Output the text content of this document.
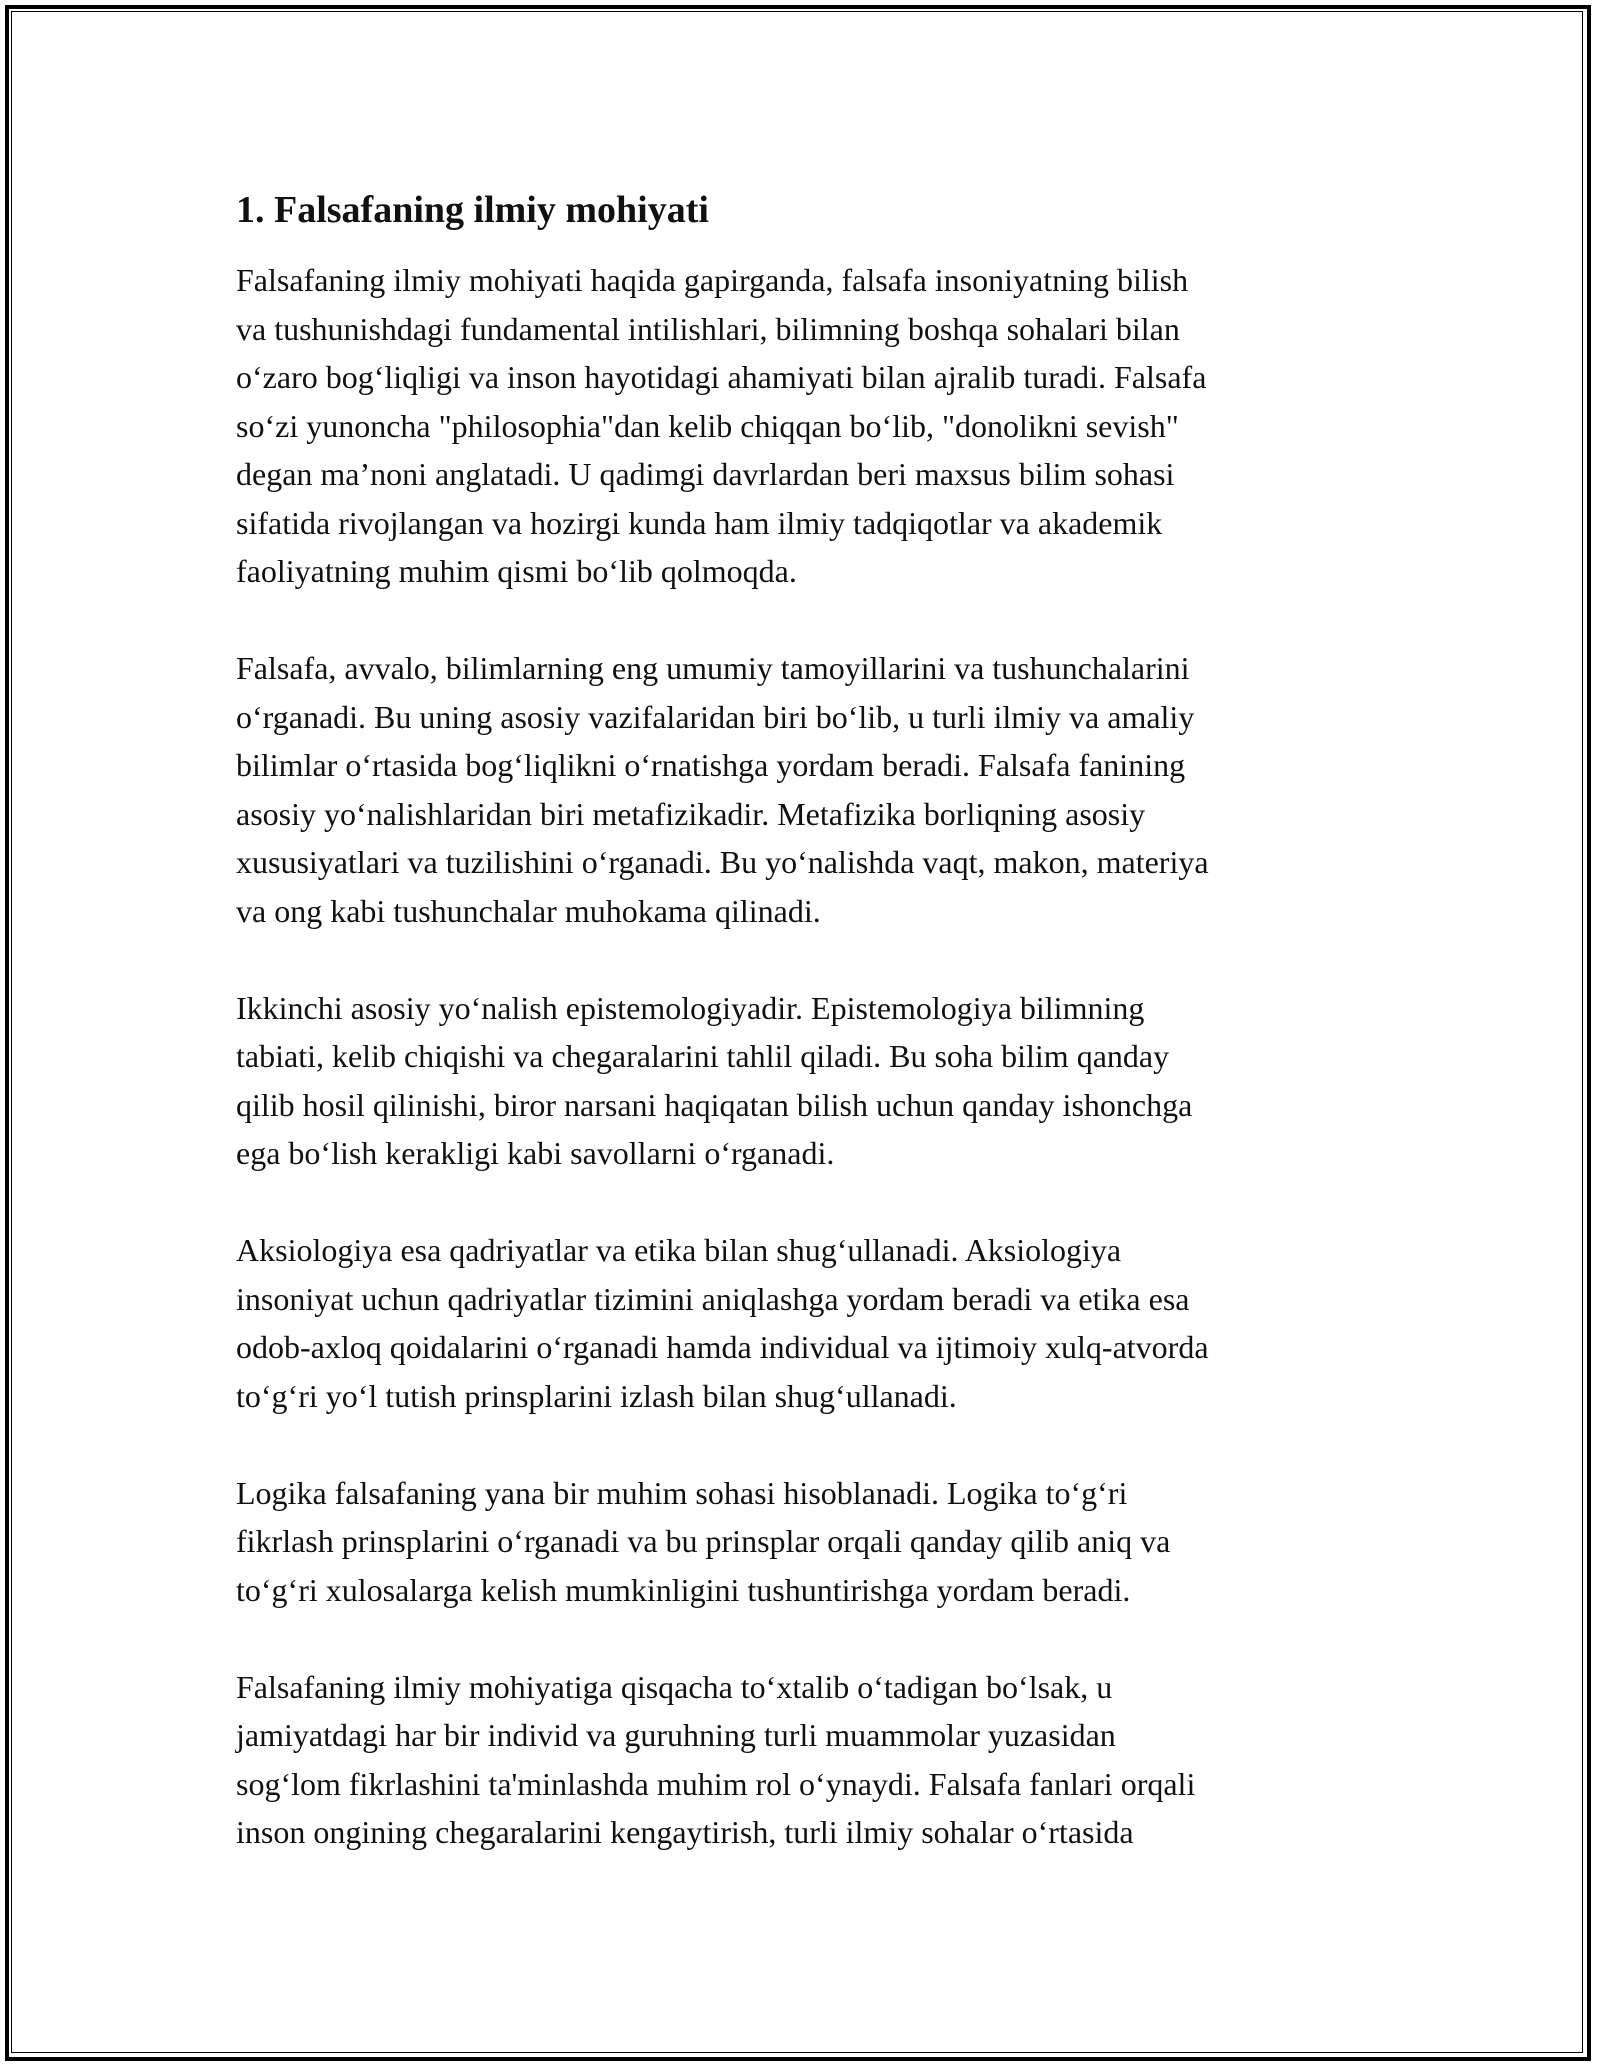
1. Falsafaning ilmiy mohiyati

Falsafaning ilmiy mohiyati haqida gapirganda, falsafa insoniyatning bilish
va tushunishdagi fundamental intilishlari, bilimning boshqa sohalari bilan
o‘zaro bog‘liqligi va inson hayotidagi ahamiyati bilan ajralib turadi. Falsafa
so‘zi yunoncha "philosophia"dan kelib chiqqan bo‘lib, "donolikni sevish"
degan ma’noni anglatadi. U qadimgi davrlardan beri maxsus bilim sohasi
sifatida rivojlangan va hozirgi kunda ham ilmiy tadqiqotlar va akademik
faoliyatning muhim qismi bo‘lib qolmoqda.

Falsafa, avvalo, bilimlarning eng umumiy tamoyillarini va tushunchalarini
o‘rganadi. Bu uning asosiy vazifalaridan biri bo‘lib, u turli ilmiy va amaliy
bilimlar o‘rtasida bog‘liqlikni o‘rnatishga yordam beradi. Falsafa fanining
asosiy yo‘nalishlaridan biri metafizikadir. Metafizika borliqning asosiy
xususiyatlari va tuzilishini o‘rganadi. Bu yo‘nalishda vaqt, makon, materiya
va ong kabi tushunchalar muhokama qilinadi.

Ikkinchi asosiy yo‘nalish epistemologiyadir. Epistemologiya bilimning
tabiati, kelib chiqishi va chegaralarini tahlil qiladi. Bu soha bilim qanday
qilib hosil qilinishi, biror narsani haqiqatan bilish uchun qanday ishonchga
ega bo‘lish kerakligi kabi savollarni o‘rganadi.

Aksiologiya esa qadriyatlar va etika bilan shug‘ullanadi. Aksiologiya
insoniyat uchun qadriyatlar tizimini aniqlashga yordam beradi va etika esa
odob-axloq qoidalarini o‘rganadi hamda individual va ijtimoiy xulq-atvorda
to‘g‘ri yo‘l tutish prinsplarini izlash bilan shug‘ullanadi.

Logika falsafaning yana bir muhim sohasi hisoblanadi. Logika to‘g‘ri
fikrlash prinsplarini o‘rganadi va bu prinsplar orqali qanday qilib aniq va
to‘g‘ri xulosalarga kelish mumkinligini tushuntirishga yordam beradi.

Falsafaning ilmiy mohiyatiga qisqacha to‘xtalib o‘tadigan bo‘lsak, u
jamiyatdagi har bir individ va guruhning turli muammolar yuzasidan
sog‘lom fikrlashini ta'minlashda muhim rol o‘ynaydi. Falsafa fanlari orqali
inson ongining chegaralarini kengaytirish, turli ilmiy sohalar o‘rtasida
